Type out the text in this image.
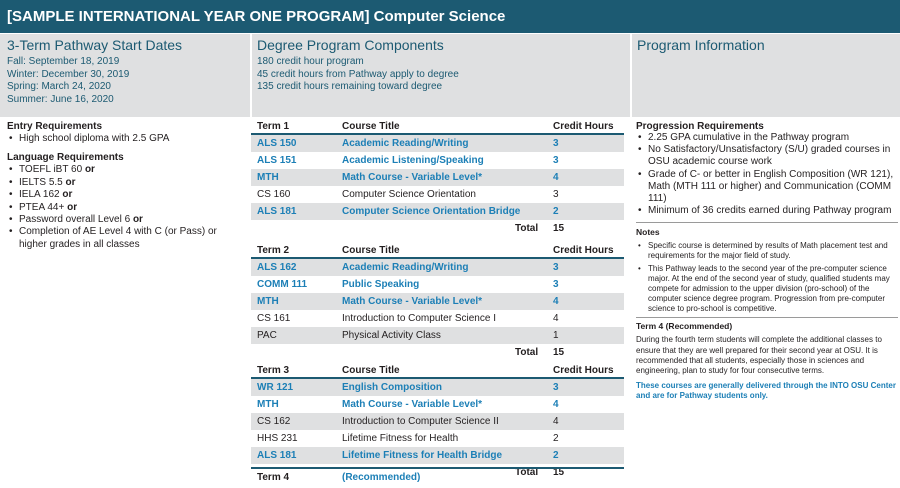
[SAMPLE INTERNATIONAL YEAR ONE PROGRAM] Computer Science
3-Term Pathway Start Dates
Fall: September 18, 2019
Winter: December 30, 2019
Spring: March 24, 2020
Summer: June 16, 2020
Degree Program Components
180 credit hour program
45 credit hours from Pathway apply to degree
135 credit hours remaining toward degree
Program Information
Entry Requirements
• High school diploma with 2.5 GPA
Language Requirements
• TOEFL iBT 60 or
• IELTS 5.5 or
• IELA 162 or
• PTEA 44+ or
• Password overall Level 6 or
• Completion of AE Level 4 with C (or Pass) or higher grades in all classes
Term 1	Course Title	Credit Hours
ALS 150	Academic Reading/Writing	3
ALS 151	Academic Listening/Speaking	3
MTH	Math Course - Variable Level*	4
CS 160	Computer Science Orientation	3
ALS 181	Computer Science Orientation Bridge	2
Total 15
Term 2	Course Title	Credit Hours
ALS 162	Academic Reading/Writing	3
COMM 111	Public Speaking	3
MTH	Math Course - Variable Level*	4
CS 161	Introduction to Computer Science I	4
PAC	Physical Activity Class	1
Total 15
Term 3	Course Title	Credit Hours
WR 121	English Composition	3
MTH	Math Course - Variable Level*	4
CS 162	Introduction to Computer Science II	4
HHS 231	Lifetime Fitness for Health	2
ALS 181	Lifetime Fitness for Health Bridge	2
Total 15
Term 4	(Recommended)
Progression Requirements
• 2.25 GPA cumulative in the Pathway program
• No Satisfactory/Unsatisfactory (S/U) graded courses in OSU academic course work
• Grade of C- or better in English Composition (WR 121), Math (MTH 111 or higher) and Communication (COMM 111)
• Minimum of 36 credits earned during Pathway program
Notes
• Specific course is determined by results of Math placement test and requirements for the major field of study.
• This Pathway leads to the second year of the pre-computer science major. At the end of the second year of study, qualified students may compete for admission to the upper division (pro-school) of the computer science degree program. Progression from pre-computer science to pro-school is competitive.
Term 4 (Recommended)

During the fourth term students will complete the additional classes to ensure that they are well prepared for their second year at OSU. It is recommended that all students, especially those in sciences and engineering, plan to study for four consecutive terms.

These courses are generally delivered through the INTO OSU Center and are for Pathway students only.
